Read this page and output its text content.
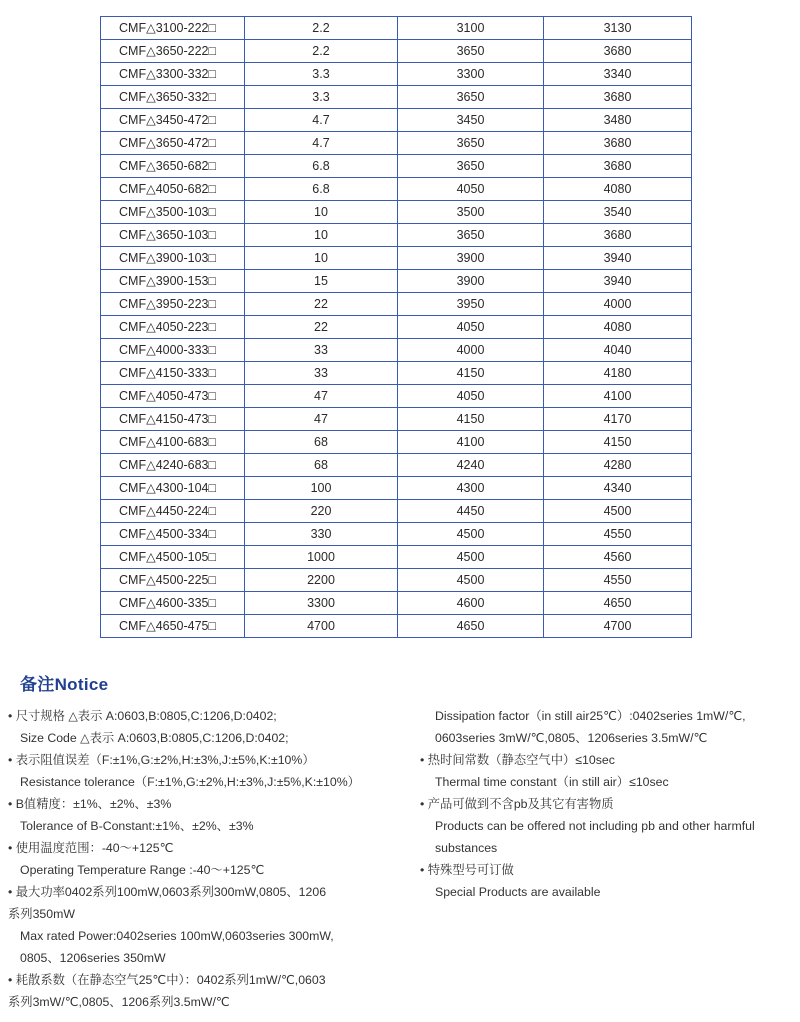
CMF△3100-222□	2.2	3100	3130
CMF△3650-222□	2.2	3650	3680
CMF△3300-332□	3.3	3300	3340
CMF△3650-332□	3.3	3650	3680
CMF△3450-472□	4.7	3450	3480
CMF△3650-472□	4.7	3650	3680
CMF△3650-682□	6.8	3650	3680
CMF△4050-682□	6.8	4050	4080
CMF△3500-103□	10	3500	3540
CMF△3650-103□	10	3650	3680
CMF△3900-103□	10	3900	3940
CMF△3900-153□	15	3900	3940
CMF△3950-223□	22	3950	4000
CMF△4050-223□	22	4050	4080
CMF△4000-333□	33	4000	4040
CMF△4150-333□	33	4150	4180
CMF△4050-473□	47	4050	4100
CMF△4150-473□	47	4150	4170
CMF△4100-683□	68	4100	4150
CMF△4240-683□	68	4240	4280
CMF△4300-104□	100	4300	4340
CMF△4450-224□	220	4450	4500
CMF△4500-334□	330	4500	4550
CMF△4500-105□	1000	4500	4560
CMF△4500-225□	2200	4500	4550
CMF△4600-335□	3300	4600	4650
CMF△4650-475□	4700	4650	4700
备注Notice
• 尺寸规格 △表示 A:0603,B:0805,C:1206,D:0402;
Size Code △表示 A:0603,B:0805,C:1206,D:0402;
• 表示阻值误差（F:±1%,G:±2%,H:±3%,J:±5%,K:±10%）
Resistance tolerance（F:±1%,G:±2%,H:±3%,J:±5%,K:±10%）
• B值精度：±1%、±2%、±3%
Tolerance of B-Constant:±1%、±2%、±3%
• 使用温度范围：-40～+125℃
Operating Temperature Range :-40～+125℃
• 最大功率0402系列100mW,0603系列300mW,0805、1206
系列350mW
Max rated Power:0402series 100mW,0603series 300mW,
0805、1206series 350mW
• 耗散系数（在静态空气25℃中）：0402系列1mW/℃,0603
系列3mW/℃,0805、1206系列3.5mW/℃
Dissipation factor（in still air25℃）:0402series 1mW/℃,
0603series 3mW/℃,0805、1206series 3.5mW/℃
• 热时间常数（静态空气中）≤10sec
Thermal time constant（in still air）≤10sec
• 产品可做到不含pb及其它有害物质
Products can be offered not including pb and other harmful
substances
• 特殊型号可订做
Special Products are available
